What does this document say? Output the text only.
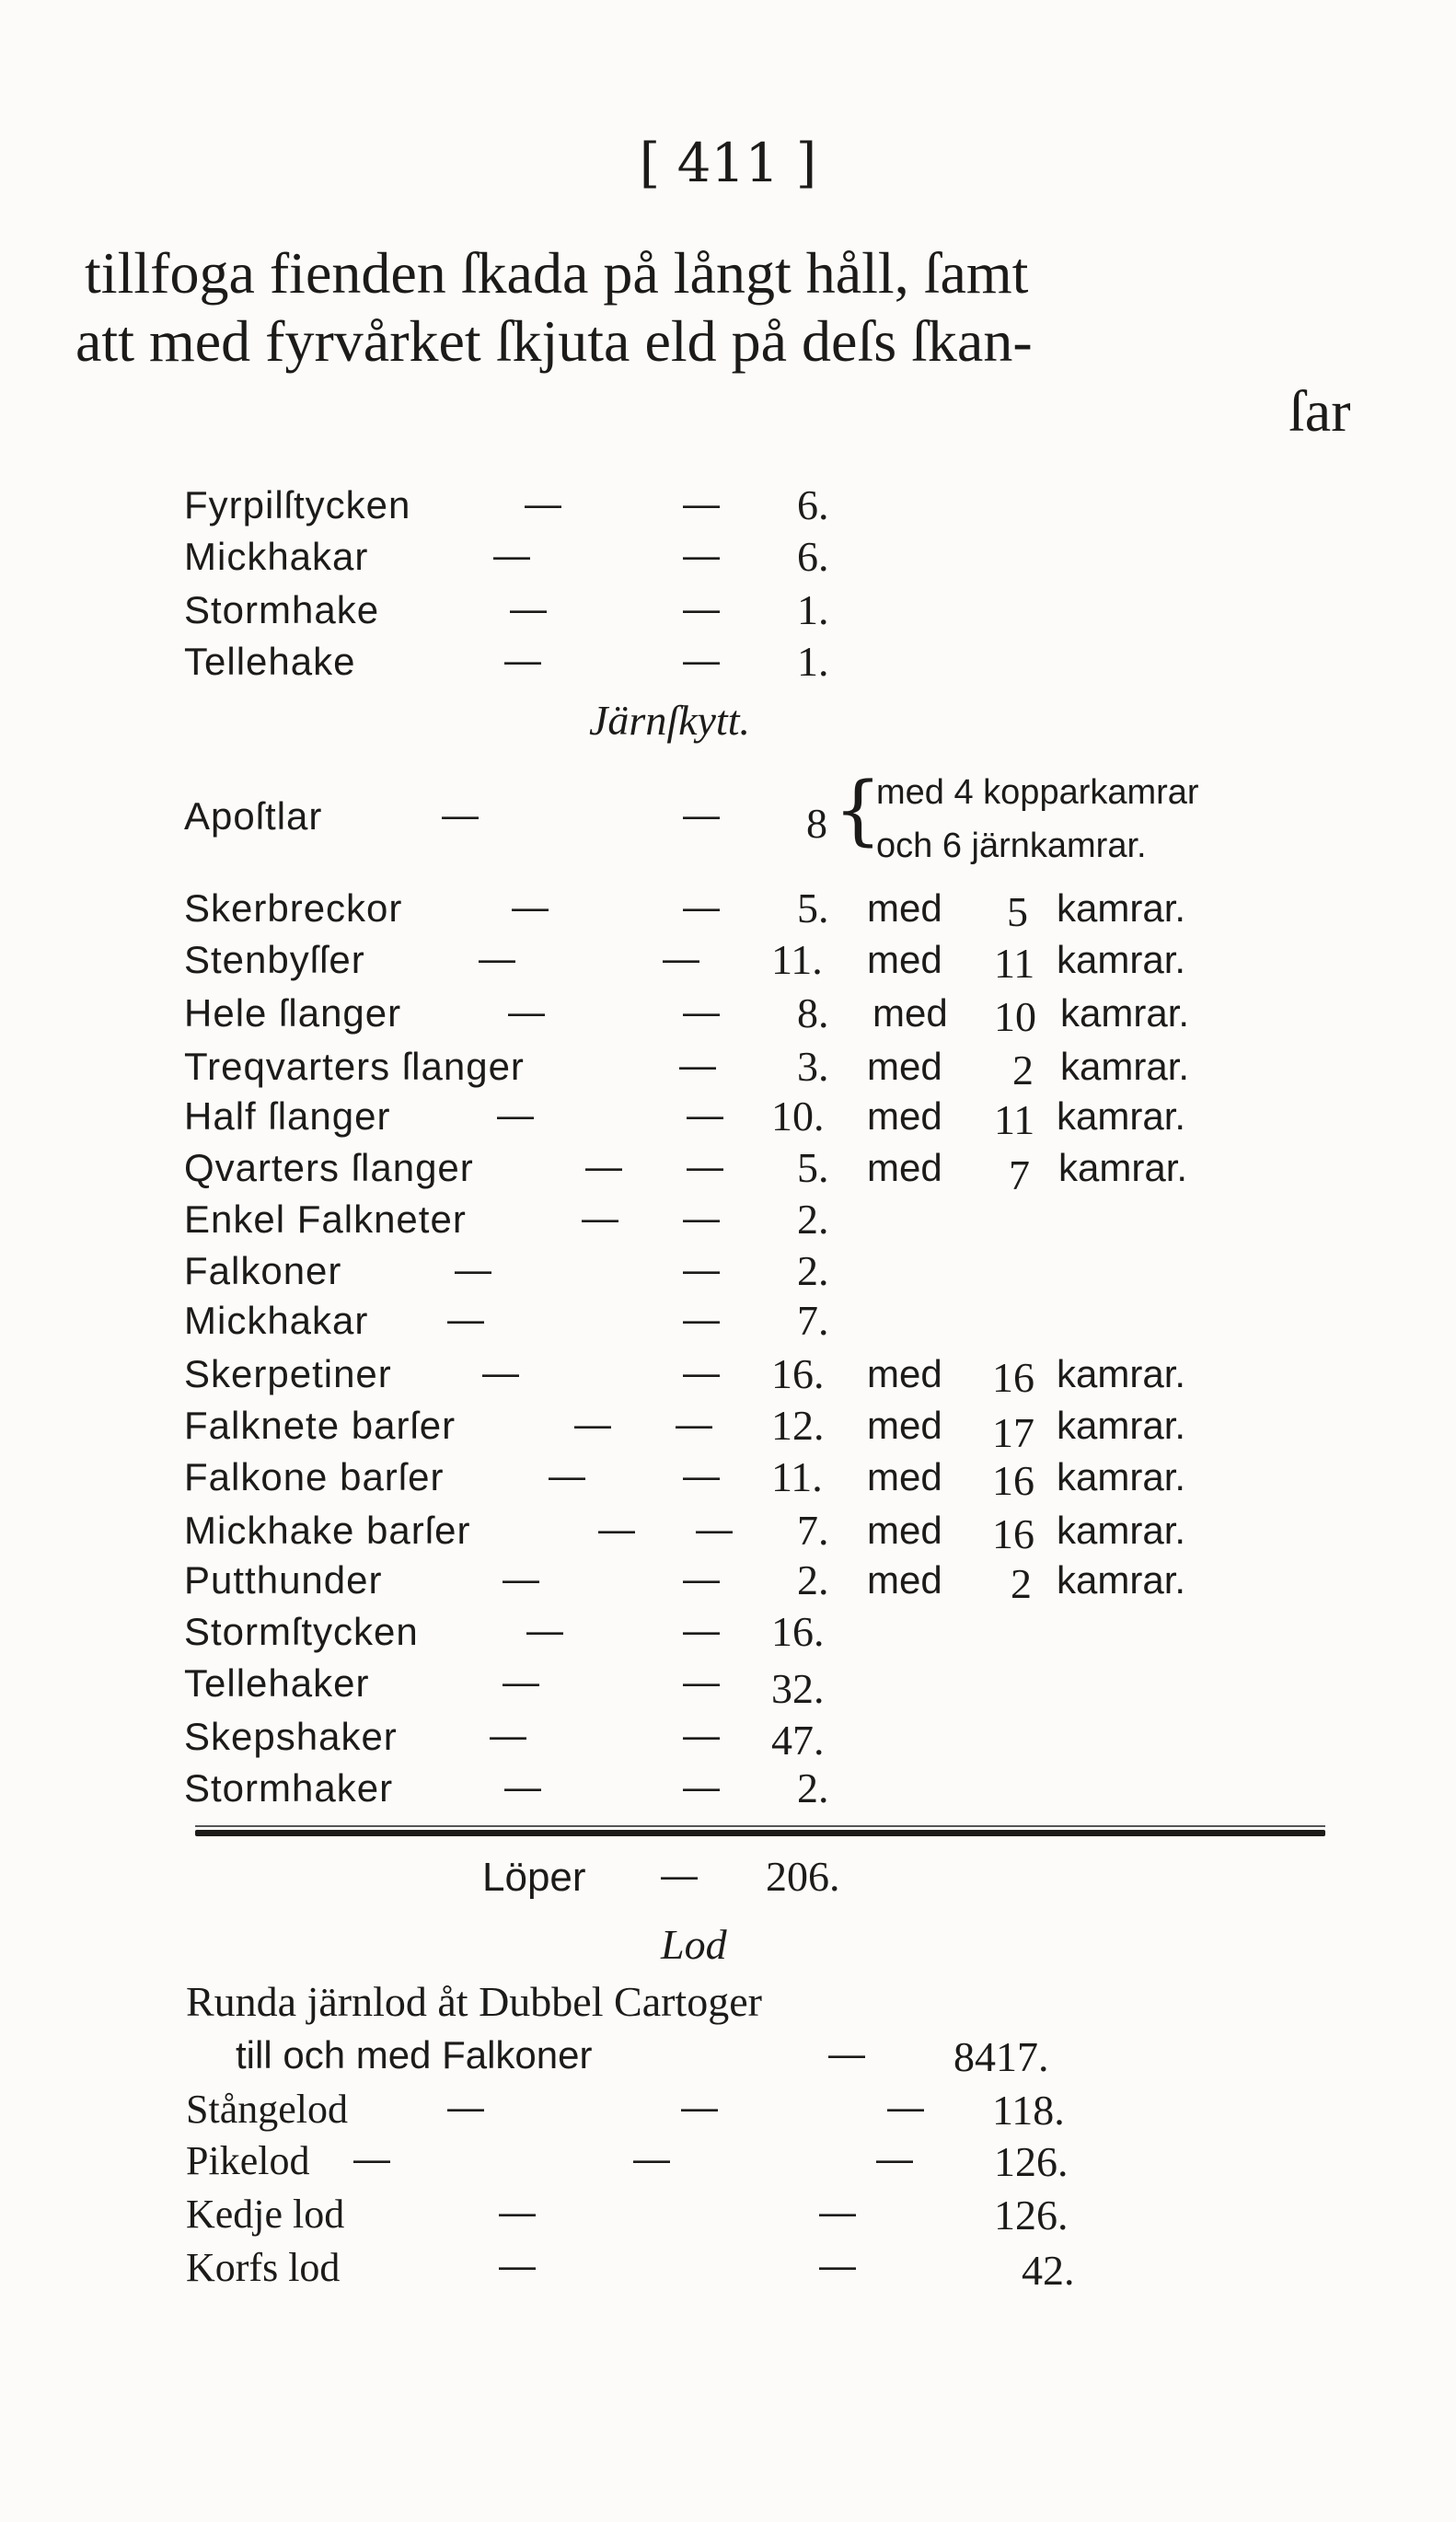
[ 411 ]
tillfoga fienden ſkada på långt håll, ſamt
att med fyrvårket ſkjuta eld på deſs ſkan-
ſar
Fyrpilſtycken	—	— 6.
Mickhakar	—	— 6.
Stormhake	—	— 1.
Tellehake	—	— 1.
Järnſkytt.
Apoſtlar	—	— 8 {
med 4 kopparkamrar
och 6 järnkamrar.
Skerbreckor	—	— 5. med 5 kamrar.
Stenbyſſer	—	— 11. med 11 kamrar.
Hele ſlanger	—	— 8. med 10 kamrar.
Treqvarters ſlanger	— 3. med 2 kamrar.
Half ſlanger	—	— 10. med 11 kamrar.
Qvarters ſlanger	— — 5. med 7 kamrar.
Enkel Falkneter	— — 2.
Falkoner	—	— 2.
Mickhakar —	— 7.
Skerpetiner —	— 16. med 16 kamrar.
Falknete barſer	— — 12. med 17 kamrar.
Falkone barſer	—	— 11. med 16 kamrar.
Mickhake barſer	— — 7. med 16 kamrar.
Putthunder	—	— 2. med 2 kamrar.
Stormſtycken	—	— 16.
Tellehaker	—	— 32.
Skepshaker	—	— 47.
Stormhaker	—	— 2.
Löper — 206.
Lod
Runda järnlod åt Dubbel Cartoger
till och med Falkoner	— 8417.
Stångelod	—	—	— 118.
Pikelod —	—	— 126.
Kedje lod	—	—	126.
Korfs lod	—	—	42.
